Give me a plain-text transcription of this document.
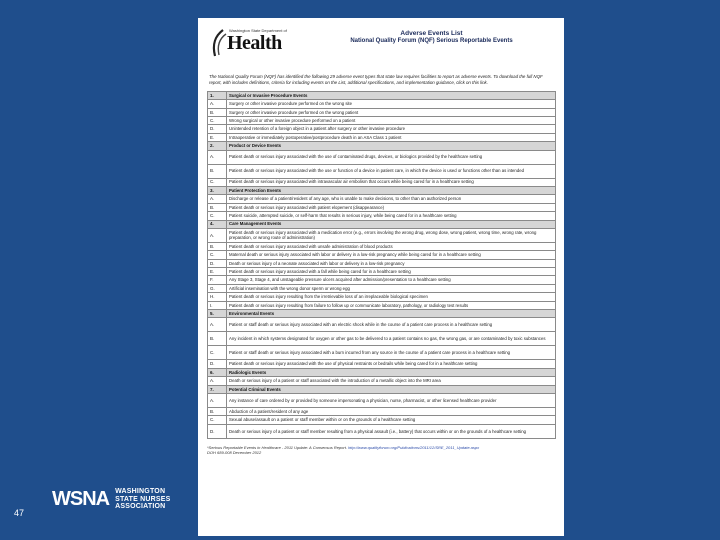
Washington State Department of
Health	Adverse Events List
National Quality Forum (NQF) Serious Reportable Events
The National Quality Forum (NQF) has identified the following 29 adverse event types that state law requires facilities to report as adverse events. To download the full NQF report, with includes definitions, criteria for including events on the List, additional specifications, and implementation guidance, click on this link.
1.	Surgical or Invasive Procedure Events
A.	Surgery or other invasive procedure performed on the wrong site
B.	Surgery or other invasive procedure performed on the wrong patient
C.	Wrong surgical or other invasive procedure performed on a patient
D.	Unintended retention of a foreign object in a patient after surgery or other invasive procedure
E.	Intraoperative or immediately postoperative/postprocedure death in an ASA Class 1 patient
2.	Product or Device Events
A.	Patient death or serious injury associated with the use of contaminated drugs, devices, or biologics provided by the healthcare setting
B.	Patient death or serious injury associated with the use or function of a device in patient care, in which the device is used or functions other than as intended
C.	Patient death or serious injury associated with intravascular air embolism that occurs while being cared for in a healthcare setting
3.	Patient Protection Events
A.	Discharge or release of a patient/resident of any age, who is unable to make decisions, to other than an authorized person
B.	Patient death or serious injury associated with patient elopement (disappearance)
C.	Patient suicide, attempted suicide, or self-harm that results in serious injury, while being cared for in a healthcare setting
4.	Care Management Events
A.	Patient death or serious injury associated with a medication error (e.g., errors involving the wrong drug, wrong dose, wrong patient, wrong time, wrong rate, wrong preparation, or wrong route of administration)
B.	Patient death or serious injury associated with unsafe administration of blood products
C.	Maternal death or serious injury associated with labor or delivery in a low-risk pregnancy while being cared for in a healthcare setting
D.	Death or serious injury of a neonate associated with labor or delivery in a low-risk pregnancy
E.	Patient death or serious injury associated with a fall while being cared for in a healthcare setting
F.	Any Stage 3, Stage 4, and unstageable pressure ulcers acquired after admission/presentation to a healthcare setting
G.	Artificial insemination with the wrong donor sperm or wrong egg
H.	Patient death or serious injury resulting from the irretrievable loss of an irreplaceable biological specimen
I.	Patient death or serious injury resulting from failure to follow up or communicate laboratory, pathology, or radiology test results
5.	Environmental Events
A.	Patient or staff death or serious injury associated with an electric shock while in the course of a patient care process in a healthcare setting
B.	Any incident in which systems designated for oxygen or other gas to be delivered to a patient contains no gas, the wrong gas, or are contaminated by toxic substances
C.	Patient or staff death or serious injury associated with a burn incurred from any source in the course of a patient care process in a healthcare setting
D.	Patient death or serious injury associated with the use of physical restraints or bedrails while being cared for in a healthcare setting
6.	Radiologic Events
A.	Death or serious injury of a patient or staff associated with the introduction of a metallic object into the MRI area
7.	Potential Criminal Events
A.	Any instance of care ordered by or provided by someone impersonating a physician, nurse, pharmacist, or other licensed healthcare provider
B.	Abduction of a patient/resident of any age
C.	Sexual abuse/assault on a patient or staff member within or on the grounds of a healthcare setting
D.	Death or serious injury of a patient or staff member resulting from a physical assault (i.e., battery) that occurs within or on the grounds of a healthcare setting
*Serious Reportable Events in Healthcare - 2011 Update: A Consensus Report. http://www.qualityforum.org/Publications/2011/12/SRE_2011_Update.aspx
DOH 689-008 December 2012
47
WSNA WASHINGTON
STATE NURSES
ASSOCIATION
